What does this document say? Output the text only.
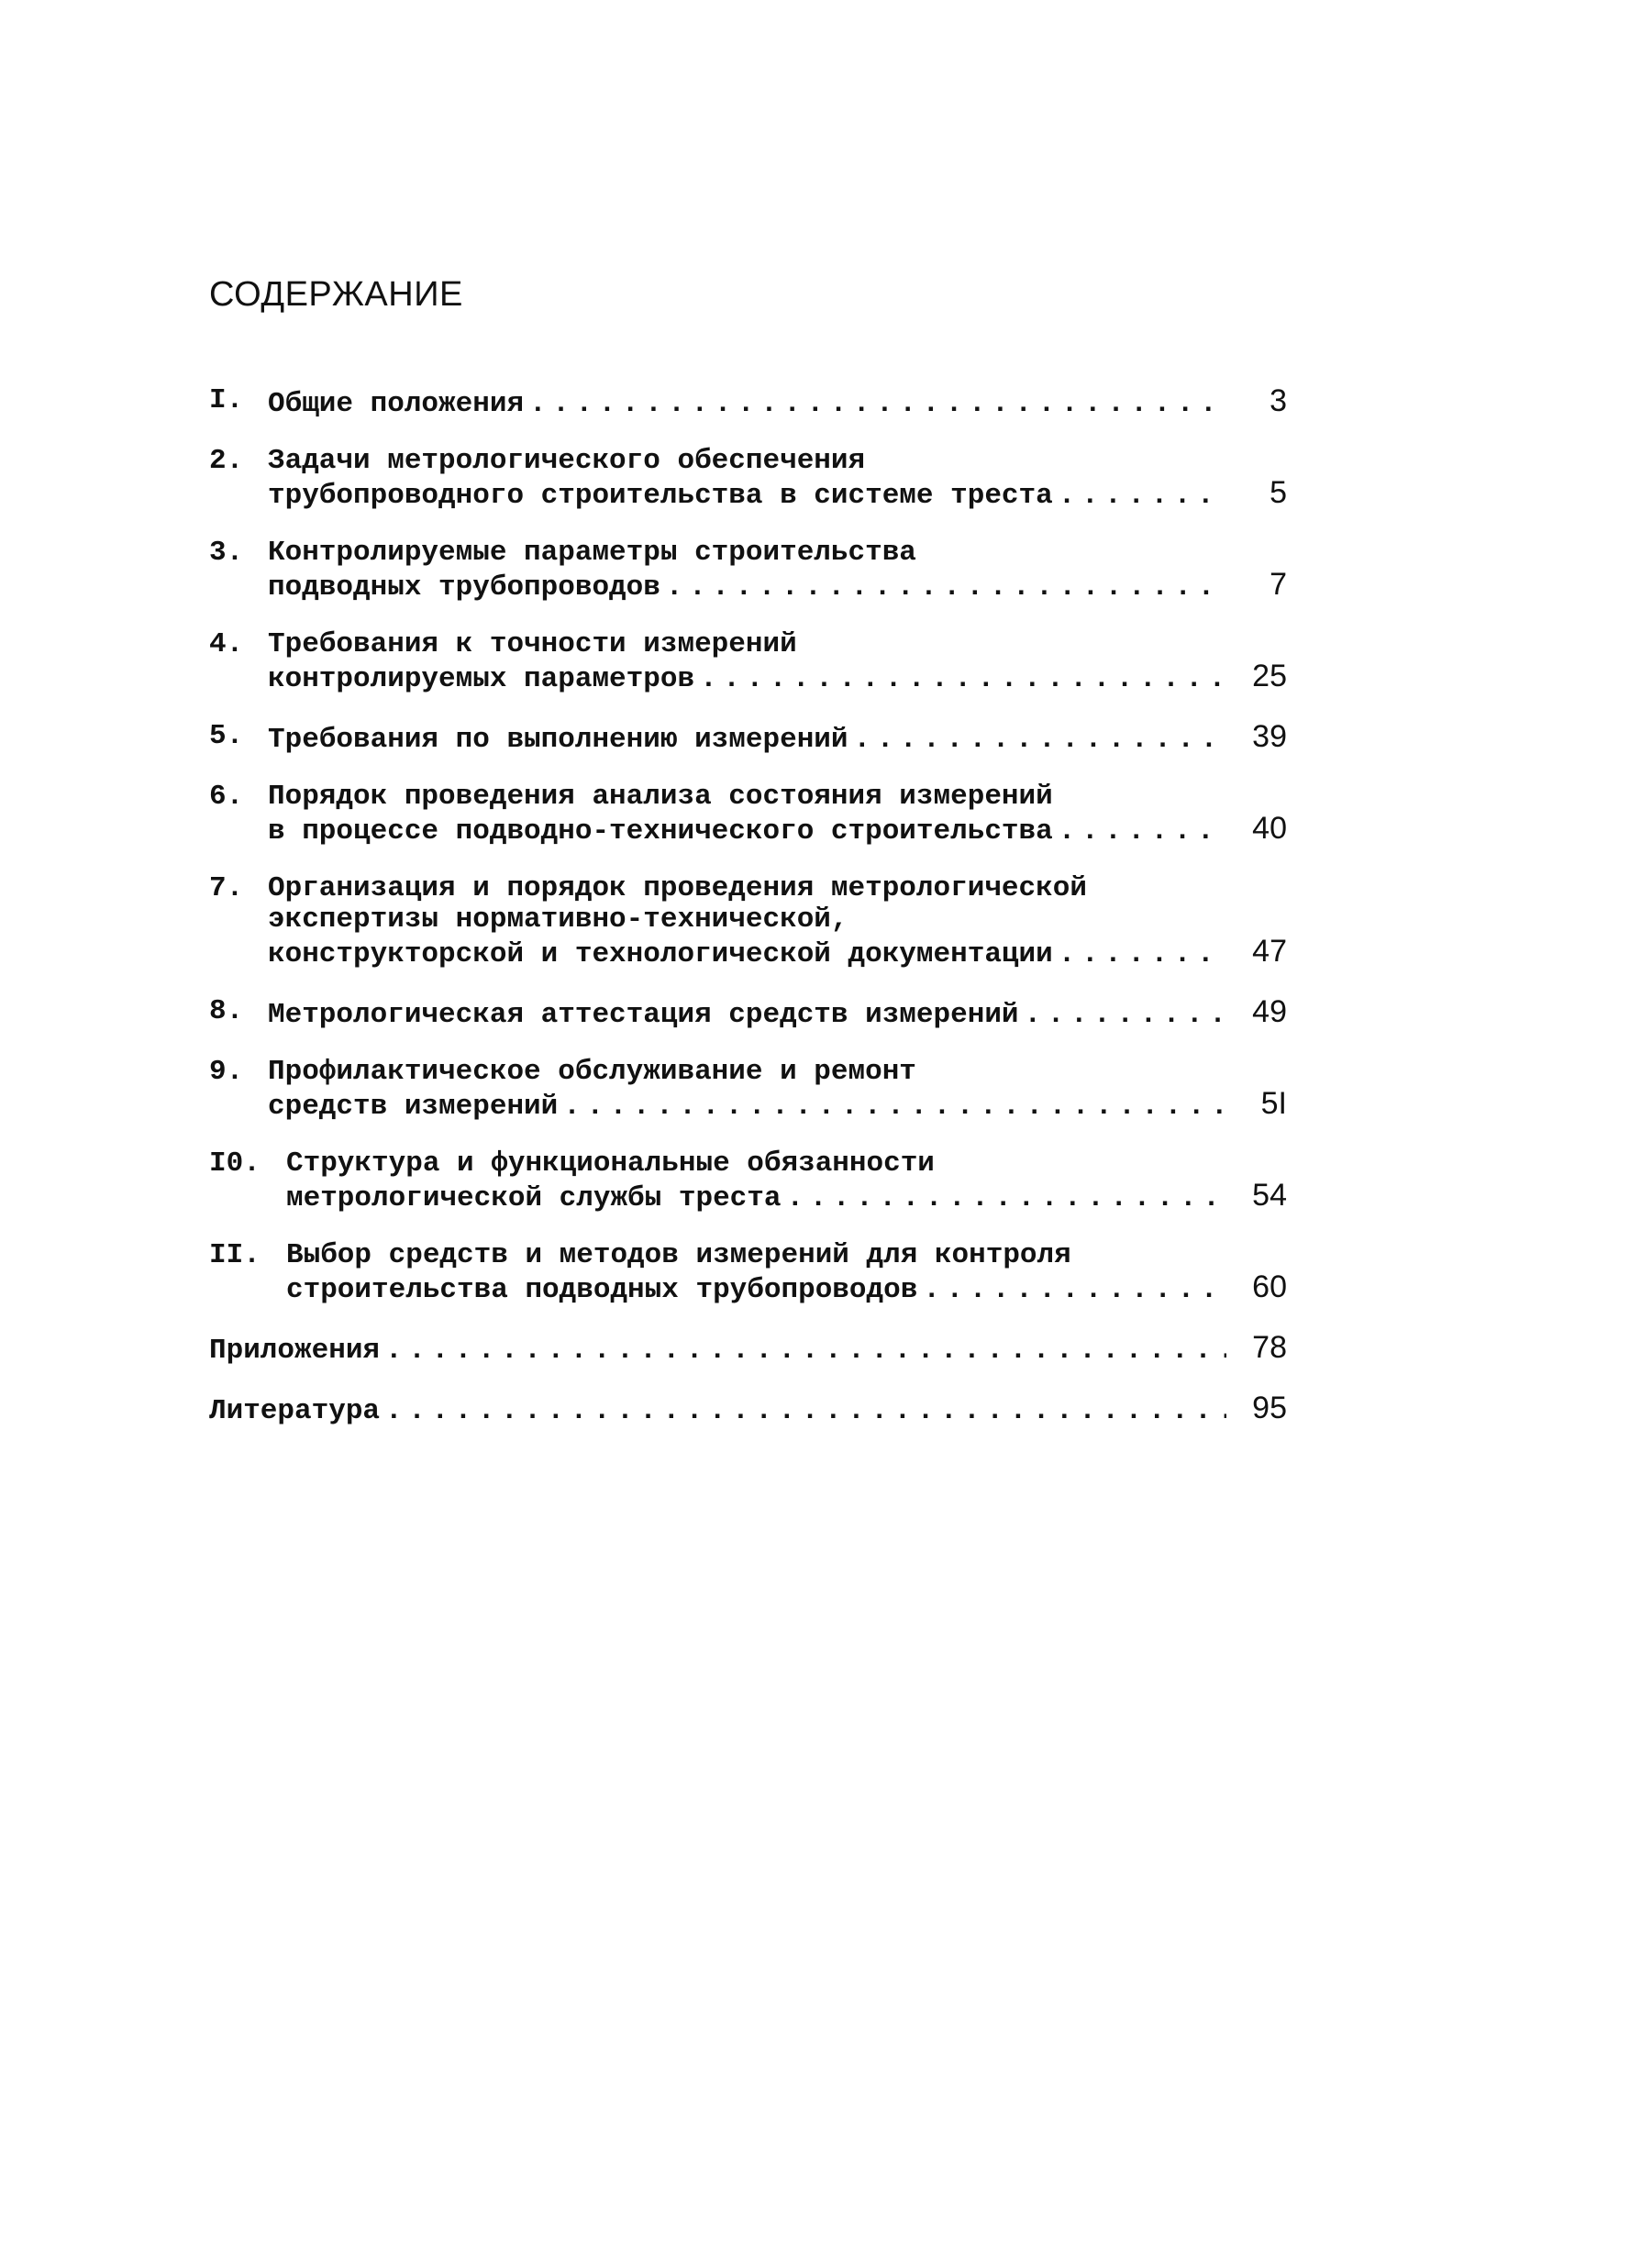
СОДЕРЖАНИЕ
I. Общие положения . . .	3
2. Задачи метрологического обеспечения
трубопроводного строительства в системе треста . . .	5
3. Контролируемые параметры строительства
подводных трубопроводов . . .	7
4. Требования к точности измерений
контролируемых параметров . . .	25
5. Требования по выполнению измерений . . .	39
6. Порядок проведения анализа состояния измерений
в процессе подводно-технического строительства . . .	40
7. Организация и порядок проведения метрологической
экспертизы нормативно-технической,
конструкторской и технологической документации . . .	47
8. Метрологическая аттестация средств измерений . . .	49
9. Профилактическое обслуживание и ремонт
средств измерений . . .	5I
I0. Структура и функциональные обязанности
метрологической службы треста . . .	54
II. Выбор средств и методов измерений для контроля
строительства подводных трубопроводов . . .	60
Приложения . . .	78
Литература . . .	95
